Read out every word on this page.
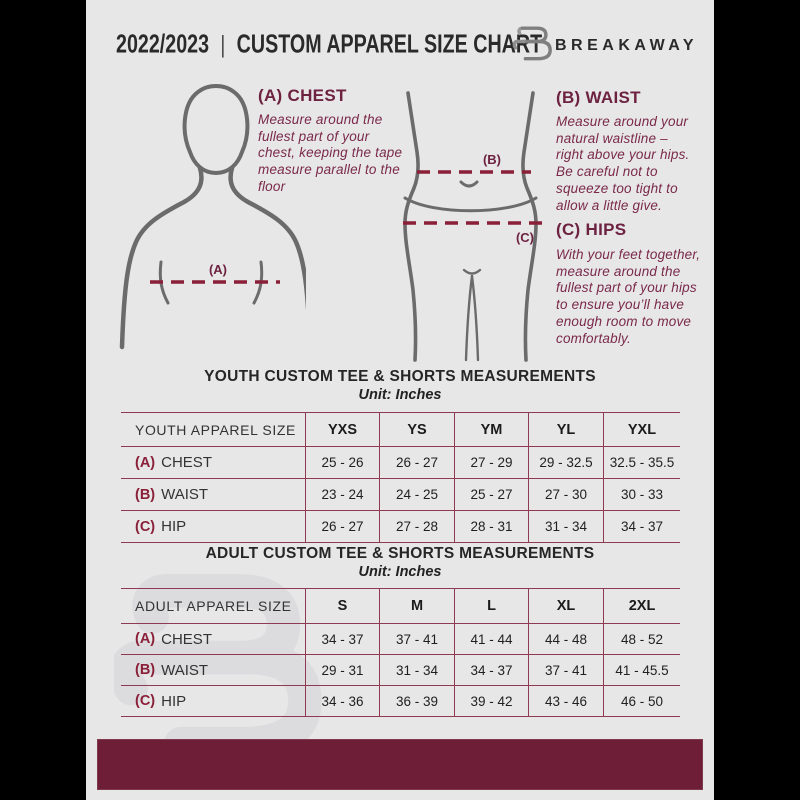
2022/2023 | CUSTOM APPAREL SIZE CHART BREAKAWAY
(A) CHEST
Measure around the fullest part of your chest, keeping the tape measure parallel to the floor
(B) WAIST
Measure around your natural waistline – right above your hips. Be careful not to squeeze too tight to allow a little give.
(C) HIPS
With your feet together, measure around the fullest part of your hips to ensure you’ll have enough room to move comfortably.
(A)
(B)
(C)
YOUTH CUSTOM TEE & SHORTS MEASUREMENTS
Unit: Inches
YOUTH APPAREL SIZE	YXS	YS	YM	YL	YXL
(A) CHEST	25 - 26	26 - 27	27 - 29	29 - 32.5	32.5 - 35.5
(B) WAIST	23 - 24	24 - 25	25 - 27	27 - 30	30 - 33
(C) HIP	26 - 27	27 - 28	28 - 31	31 - 34	34 - 37
ADULT CUSTOM TEE & SHORTS MEASUREMENTS
Unit: Inches
ADULT APPAREL SIZE	S	M	L	XL	2XL
(A) CHEST	34 - 37	37 - 41	41 - 44	44 - 48	48 - 52
(B) WAIST	29 - 31	31 - 34	34 - 37	37 - 41	41 - 45.5
(C) HIP	34 - 36	36 - 39	39 - 42	43 - 46	46 - 50
